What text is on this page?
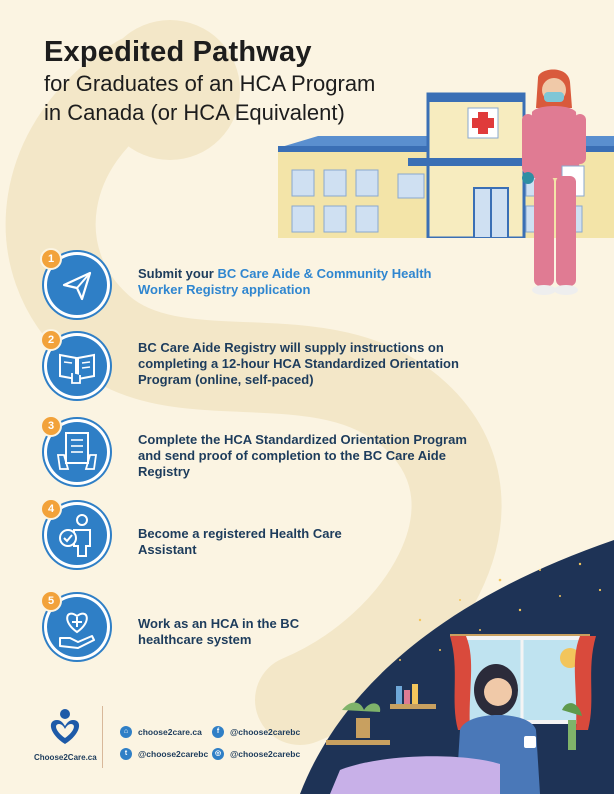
Expedited Pathway
for Graduates of an HCA Program
in Canada (or HCA Equivalent)
1
Submit your BC Care Aide & Community Health Worker Registry application
2	BC Care Aide Registry will supply instructions on completing a 12-hour HCA Standardized Orientation Program (online, self-paced)
3
Complete the HCA Standardized Orientation Program and send proof of completion to the BC Care Aide Registry
4
Become a registered Health Care Assistant
5
Work as an HCA in the BC healthcare system
Choose2Care.ca
⌂	choose2care.ca	f	@choose2carebc
t	@choose2carebc ◎	@choose2carebc
